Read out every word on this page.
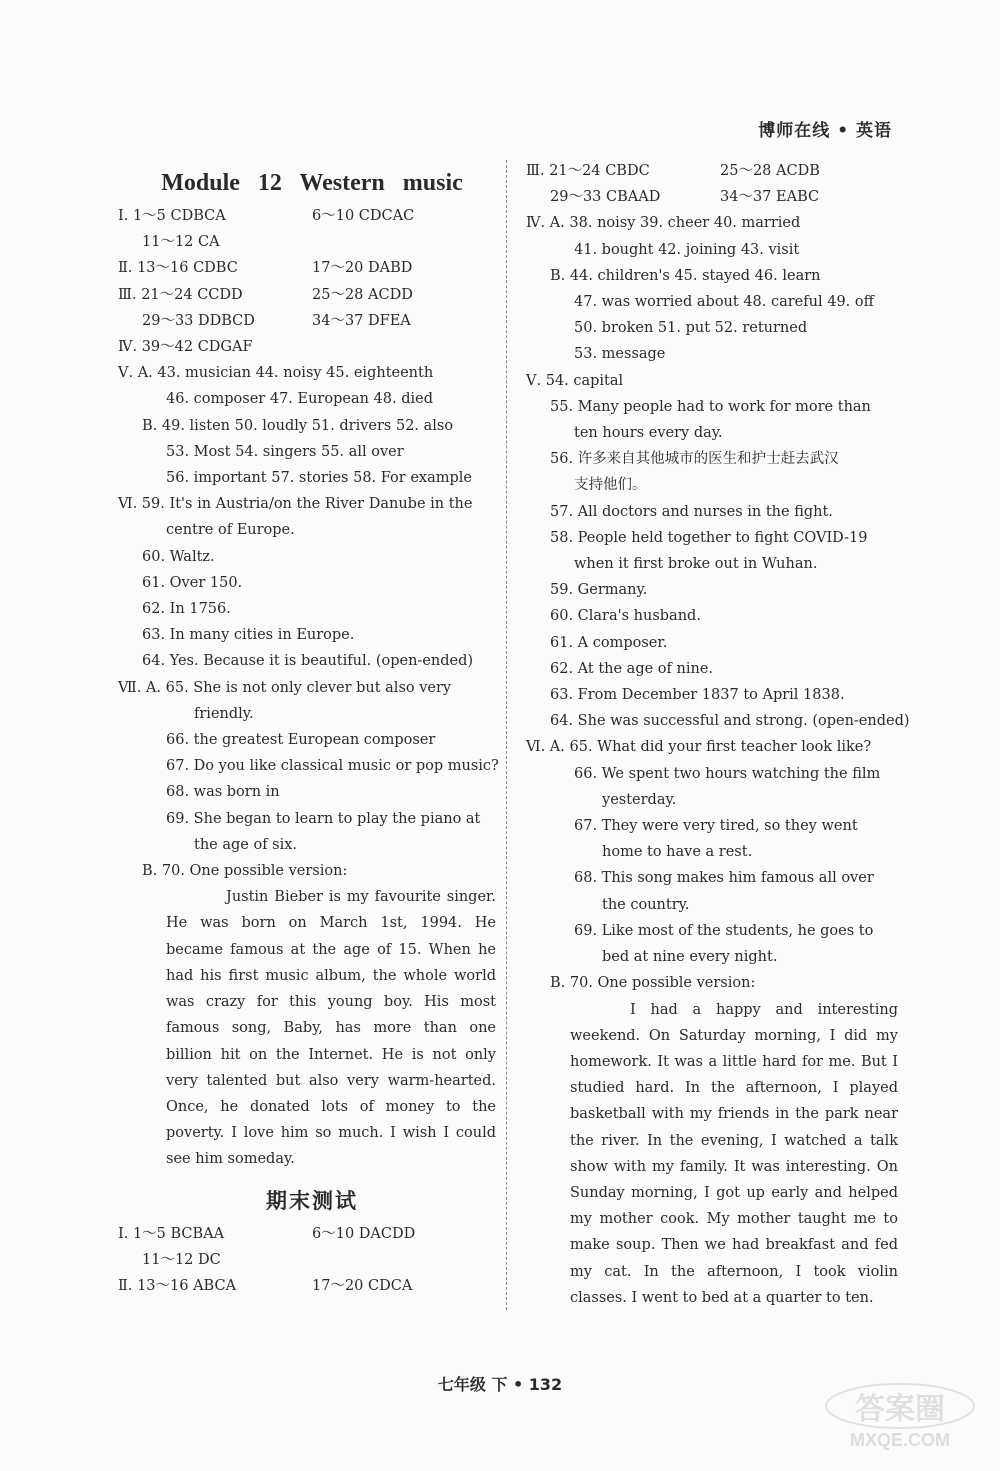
博师在线 • 英语
Module 12 Western music
Ⅰ. 1～5 CDBCA	6～10 CDCAC
11～12 CA
Ⅱ. 13～16 CDBC	17～20 DABD
Ⅲ. 21～24 CCDD	25～28 ACDD
29～33 DDBCD	34～37 DFEA
Ⅳ. 39～42 CDGAF
Ⅴ. A. 43. musician 44. noisy 45. eighteenth
46. composer 47. European 48. died
B. 49. listen 50. loudly 51. drivers 52. also
53. Most 54. singers 55. all over
56. important 57. stories 58. For example
Ⅵ. 59. It's in Austria/on the River Danube in the
centre of Europe.
60. Waltz.
61. Over 150.
62. In 1756.
63. In many cities in Europe.
64. Yes. Because it is beautiful. (open-ended)
Ⅶ. A. 65. She is not only clever but also very
friendly.
66. the greatest European composer
67. Do you like classical music or pop music?
68. was born in
69. She began to learn to play the piano at
the age of six.
B. 70. One possible version:
Justin Bieber is my favourite singer. He was born on March 1st, 1994. He became famous at the age of 15. When he had his first music album, the whole world was crazy for this young boy. His most famous song, Baby, has more than one billion hit on the Internet. He is not only very talented but also very warm-hearted. Once, he donated lots of money to the poverty. I love him so much. I wish I could see him someday.
期末测试
Ⅰ. 1～5 BCBAA	6～10 DACDD
11～12 DC
Ⅱ. 13～16 ABCA	17～20 CDCA
Ⅲ. 21～24 CBDC	25～28 ACDB
29～33 CBAAD	34～37 EABC
Ⅳ. A. 38. noisy 39. cheer 40. married
41. bought 42. joining 43. visit
B. 44. children's 45. stayed 46. learn
47. was worried about 48. careful 49. off
50. broken 51. put 52. returned
53. message
Ⅴ. 54. capital
55. Many people had to work for more than
ten hours every day.
56. 许多来自其他城市的医生和护士赶去武汉
支持他们。
57. All doctors and nurses in the fight.
58. People held together to fight COVID-19
when it first broke out in Wuhan.
59. Germany.
60. Clara's husband.
61. A composer.
62. At the age of nine.
63. From December 1837 to April 1838.
64. She was successful and strong. (open-ended)
Ⅵ. A. 65. What did your first teacher look like?
66. We spent two hours watching the film
yesterday.
67. They were very tired, so they went
home to have a rest.
68. This song makes him famous all over
the country.
69. Like most of the students, he goes to
bed at nine every night.
B. 70. One possible version:
I had a happy and interesting weekend. On Saturday morning, I did my homework. It was a little hard for me. But I studied hard. In the afternoon, I played basketball with my friends in the park near the river. In the evening, I watched a talk show with my family. It was interesting. On Sunday morning, I got up early and helped my mother cook. My mother taught me to make soup. Then we had breakfast and fed my cat. In the afternoon, I took violin classes. I went to bed at a quarter to ten.
七年级 下 • 132
答案圈
MXQE.COM
